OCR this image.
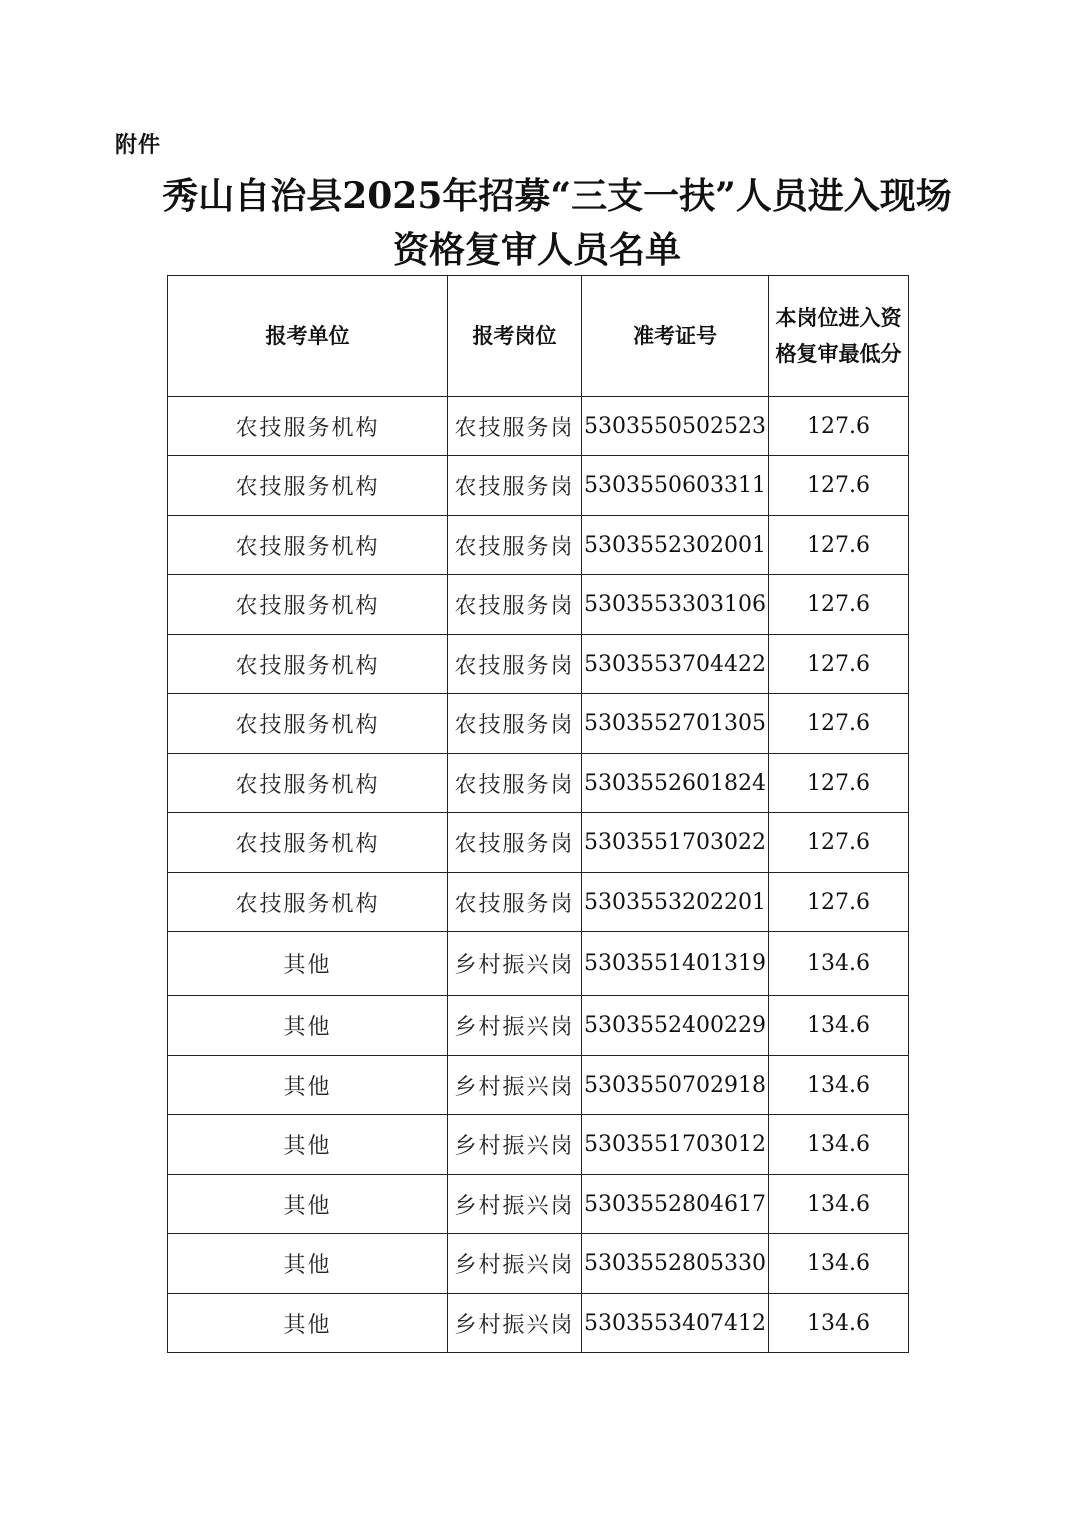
附件
秀山自治县2025年招募“三支一扶”人员进入现场
资格复审人员名单
报考单位	报考岗位	准考证号	本岗位进入资格复审最低分
农技服务机构	农技服务岗	5303550502523	127.6
农技服务机构	农技服务岗	5303550603311	127.6
农技服务机构	农技服务岗	5303552302001	127.6
农技服务机构	农技服务岗	5303553303106	127.6
农技服务机构	农技服务岗	5303553704422	127.6
农技服务机构	农技服务岗	5303552701305	127.6
农技服务机构	农技服务岗	5303552601824	127.6
农技服务机构	农技服务岗	5303551703022	127.6
农技服务机构	农技服务岗	5303553202201	127.6
其他	乡村振兴岗	5303551401319	134.6
其他	乡村振兴岗	5303552400229	134.6
其他	乡村振兴岗	5303550702918	134.6
其他	乡村振兴岗	5303551703012	134.6
其他	乡村振兴岗	5303552804617	134.6
其他	乡村振兴岗	5303552805330	134.6
其他	乡村振兴岗	5303553407412	134.6
